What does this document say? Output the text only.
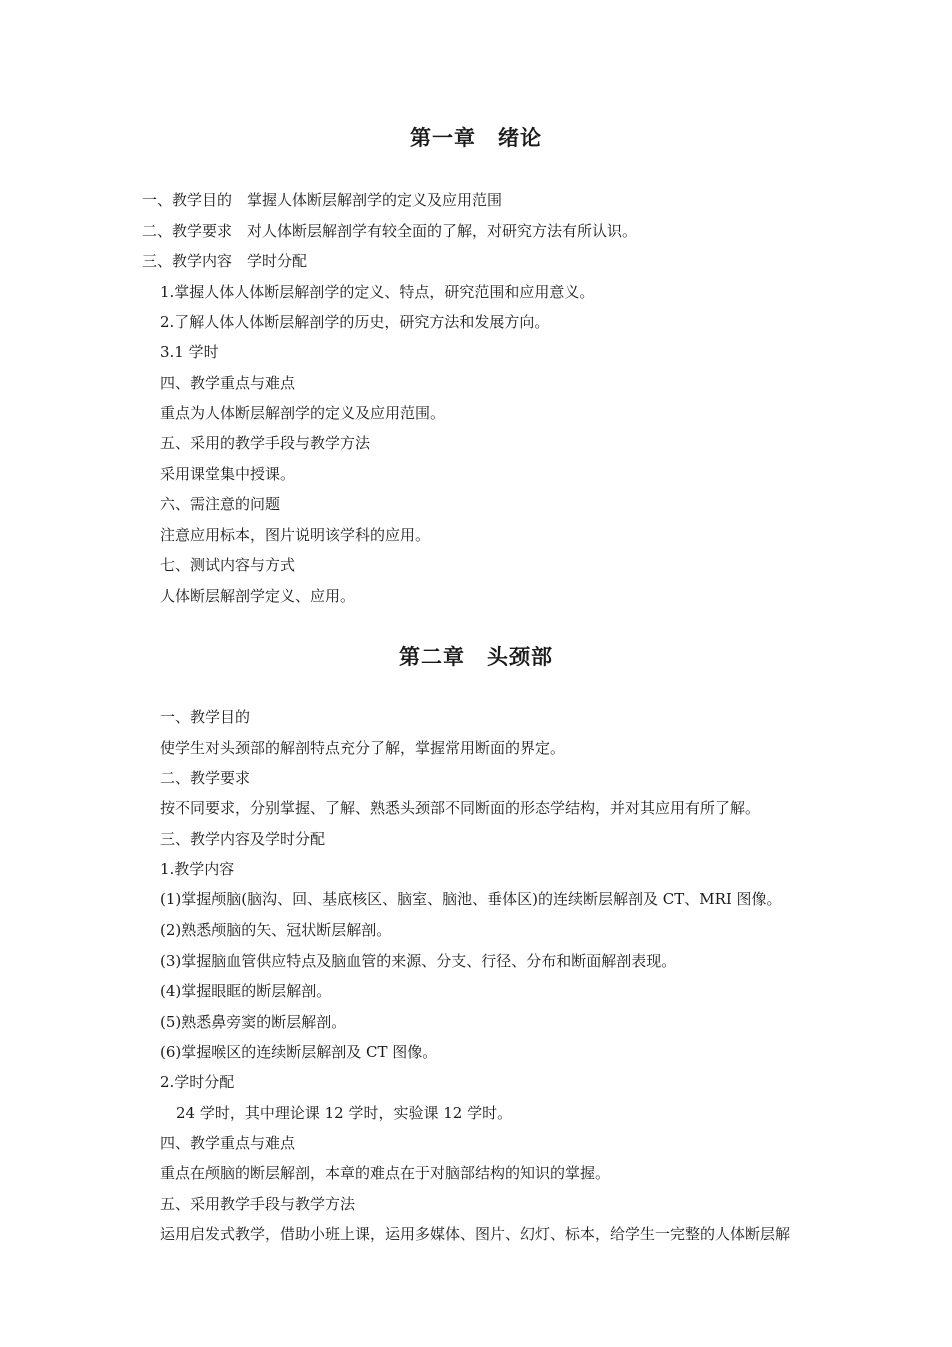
第一章　绪论
一、教学目的　掌握人体断层解剖学的定义及应用范围
二、教学要求　对人体断层解剖学有较全面的了解，对研究方法有所认识。
三、教学内容　学时分配
1.掌握人体人体断层解剖学的定义、特点，研究范围和应用意义。
2.了解人体人体断层解剖学的历史，研究方法和发展方向。
3.1 学时
四、教学重点与难点
重点为人体断层解剖学的定义及应用范围。
五、采用的教学手段与教学方法
采用课堂集中授课。
六、需注意的问题
注意应用标本，图片说明该学科的应用。
七、测试内容与方式
人体断层解剖学定义、应用。
第二章　头颈部
一、教学目的
使学生对头颈部的解剖特点充分了解，掌握常用断面的界定。
二、教学要求
按不同要求，分别掌握、了解、熟悉头颈部不同断面的形态学结构，并对其应用有所了解。
三、教学内容及学时分配
1.教学内容
(1)掌握颅脑(脑沟、回、基底核区、脑室、脑池、垂体区)的连续断层解剖及 CT、MRI 图像。
(2)熟悉颅脑的矢、冠状断层解剖。
(3)掌握脑血管供应特点及脑血管的来源、分支、行径、分布和断面解剖表现。
(4)掌握眼眶的断层解剖。
(5)熟悉鼻旁窦的断层解剖。
(6)掌握喉区的连续断层解剖及 CT 图像。
2.学时分配
24 学时，其中理论课 12 学时，实验课 12 学时。
四、教学重点与难点
重点在颅脑的断层解剖，本章的难点在于对脑部结构的知识的掌握。
五、采用教学手段与教学方法
运用启发式教学，借助小班上课，运用多媒体、图片、幻灯、标本，给学生一完整的人体断层解
